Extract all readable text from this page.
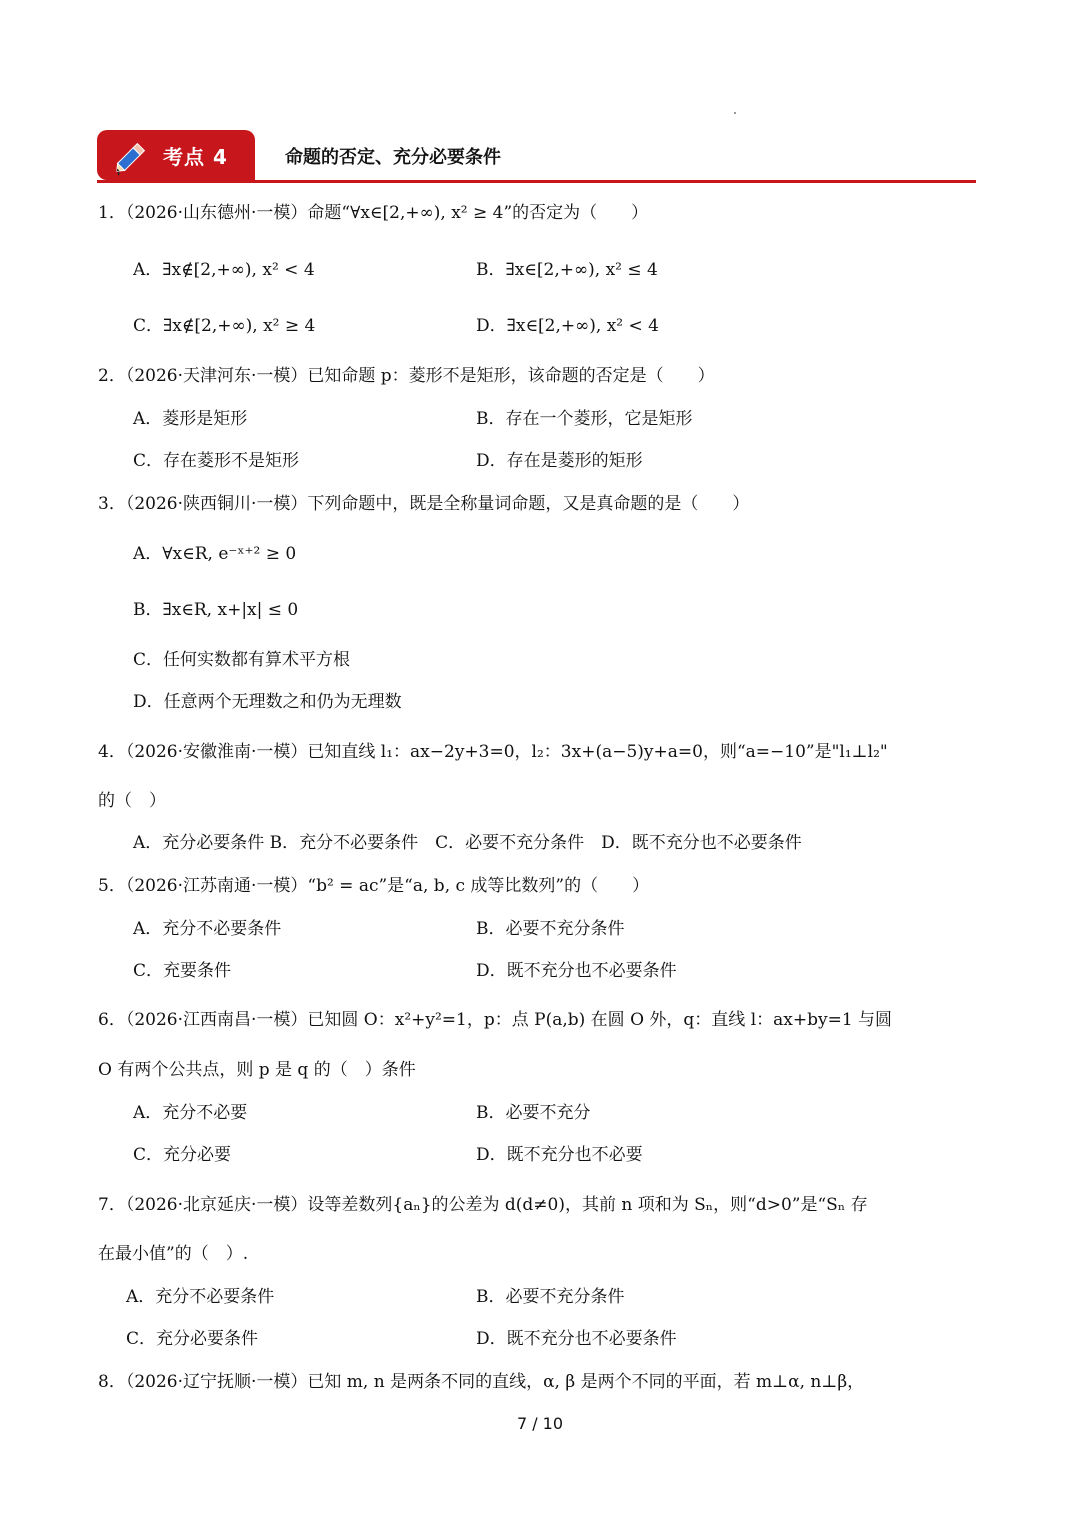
考点 4	命题的否定、充分必要条件
1．（2026·山东德州·一模）命题“∀x∈[2,+∞), x² ≥ 4”的否定为（　　）
A．∃x∉[2,+∞), x² < 4	B．∃x∈[2,+∞), x² ≤ 4
C．∃x∉[2,+∞), x² ≥ 4	D．∃x∈[2,+∞), x² < 4
2．（2026·天津河东·一模）已知命题 p：菱形不是矩形，该命题的否定是（　　）
A．菱形是矩形	B．存在一个菱形，它是矩形
C．存在菱形不是矩形	D．存在是菱形的矩形
3．（2026·陕西铜川·一模）下列命题中，既是全称量词命题，又是真命题的是（　　）
A．∀x∈R, e⁻ˣ⁺² ≥ 0
B．∃x∈R, x+|x| ≤ 0
C．任何实数都有算术平方根
D．任意两个无理数之和仍为无理数
4．（2026·安徽淮南·一模）已知直线 l₁：ax−2y+3=0，l₂：3x+(a−5)y+a=0，则“a=−10”是"l₁⊥l₂"
的（　）
A．充分必要条件 B．充分不必要条件　C．必要不充分条件　D．既不充分也不必要条件
5．（2026·江苏南通·一模）“b² = ac”是“a, b, c 成等比数列”的（　　）
A．充分不必要条件	B．必要不充分条件
C．充要条件	D．既不充分也不必要条件
6．（2026·江西南昌·一模）已知圆 O：x²+y²=1，p：点 P(a,b) 在圆 O 外，q：直线 l：ax+by=1 与圆
O 有两个公共点，则 p 是 q 的（　）条件
A．充分不必要	B．必要不充分
C．充分必要	D．既不充分也不必要
7．（2026·北京延庆·一模）设等差数列{aₙ}的公差为 d(d≠0)，其前 n 项和为 Sₙ，则“d>0”是“Sₙ 存
在最小值”的（　）.
A．充分不必要条件	B．必要不充分条件
C．充分必要条件	D．既不充分也不必要条件
8．（2026·辽宁抚顺·一模）已知 m, n 是两条不同的直线，α, β 是两个不同的平面，若 m⊥α, n⊥β，
7 / 10
